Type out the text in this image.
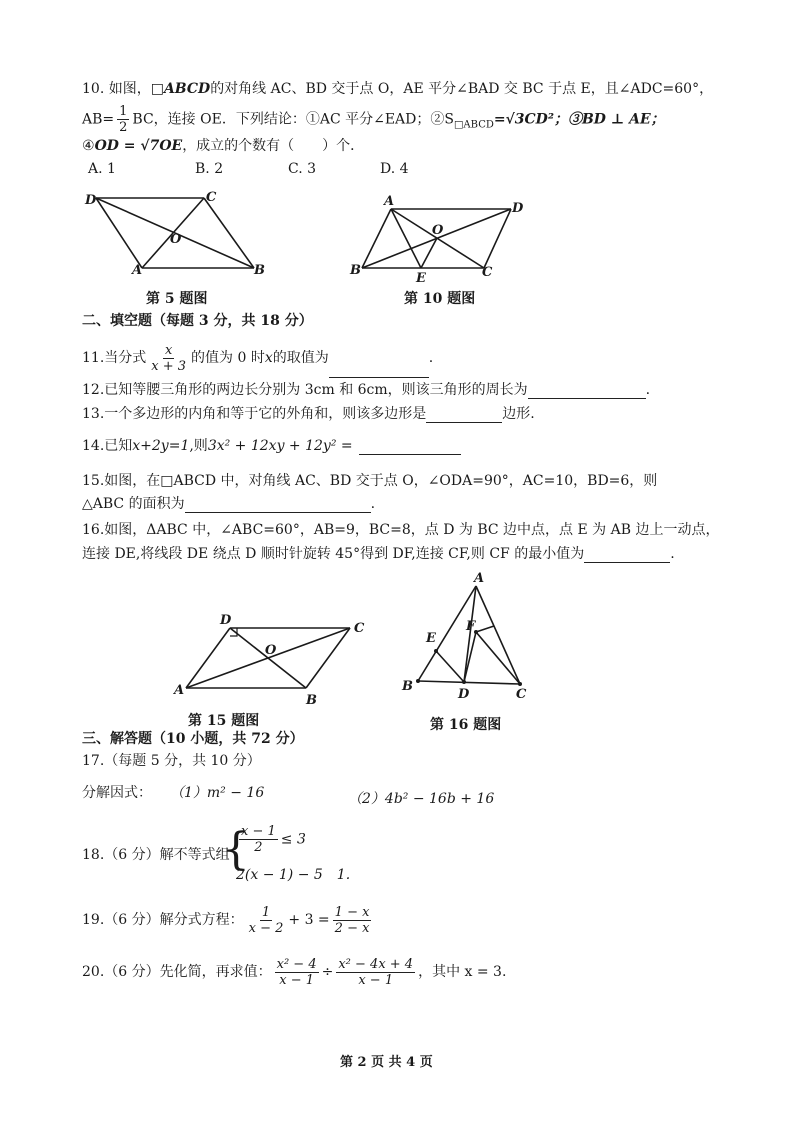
10. 如图，□ABCD的对角线 AC、BD 交于点 O，AE 平分∠BAD 交 BC 于点 E，且∠ADC=60°，
$AB= \frac{1}{2}$ BC，连接 OE．下列结论：①AC 平分∠EAD；$②S_{□ABCD}=√3CD^2$；③BD ⊥ AE；
④OD = √7OE，成立的个数有（　　）个．
A. 1	B. 2	C. 3	D. 4
D	C
O
A	B
第 5 题图
A	D
O
B
E	C
第 10 题图
二、填空题（每题 3 分，共 18 分）
11.当分式 $\frac{x}{x + 3}$ 的值为 0 时x的取值为	.
12.已知等腰三角形的两边长分别为 3cm 和 6cm，则该三角形的周长为	.
13.一个多边形的内角和等于它的外角和，则该多边形是	边形.
14.已知x+2y=1,则3x² + 12xy + 12y² =
15.如图，在□ABCD 中，对角线 AC、BD 交于点 O，∠ODA=90°，AC=10，BD=6，则
△ABC 的面积为	.
16.如图，ΔABC 中，∠ABC=60°，AB=9，BC=8，点 D 为 BC 边中点，点 E 为 AB 边上一动点，
连接 DE,将线段 DE 绕点 D 顺时针旋转 45°得到 DF,连接 CF,则 CF 的最小值为	.
D
C
O
A
B
第 15 题图
A
E
F
B
D	C
第 16 题图
三、解答题（10 小题，共 72 分）
17.（每题 5 分，共 10 分）
分解因式： （1）m² − 16	（2）4b² − 16b + 16
18.（6 分）解不等式组
{
$\frac{x - 1}{2} \le 3$
2(x − 1) − 5　1.
19.（6 分）解分式方程： $\frac{1}{x - 2} + 3 = \frac{1 - x}{2 - x}$
20.（6 分）先化简，再求值： $\frac{\text{x² − 4}}{x - 1} \div \frac{\text{x² − 4x + 4}}{x - 1}$ ，其中 x = 3.
第 2 页 共 4 页
